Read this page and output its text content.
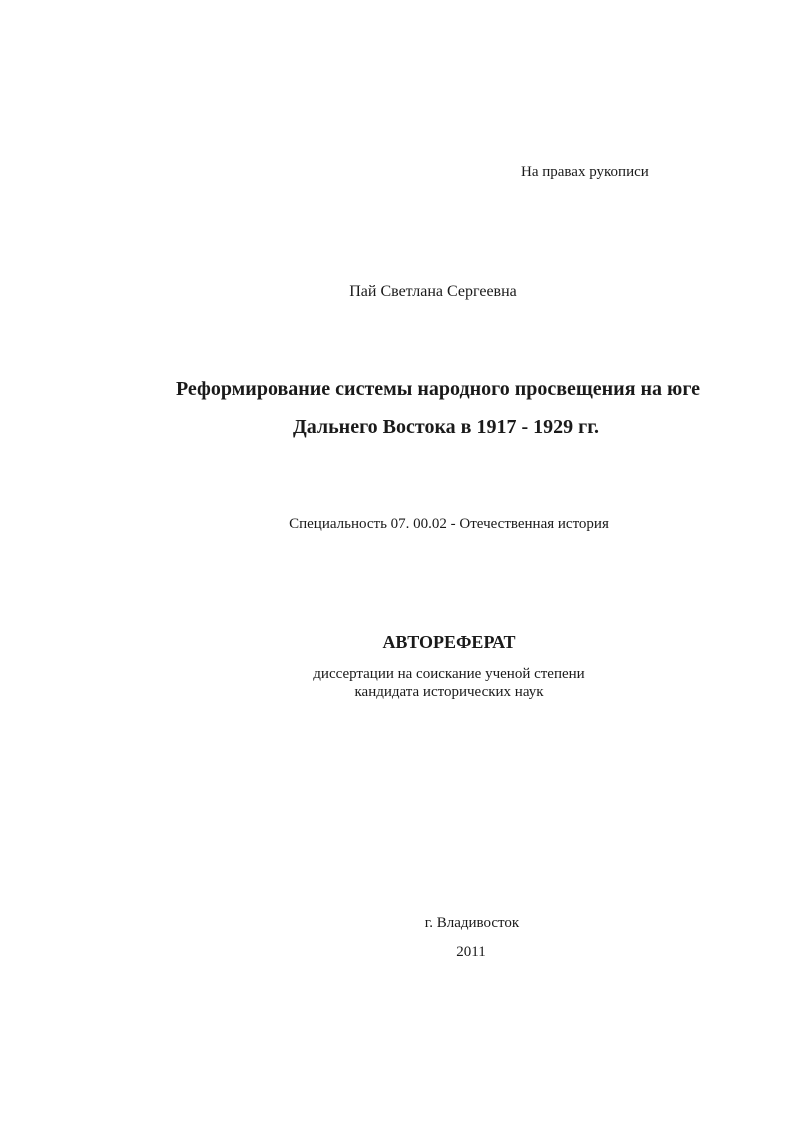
На правах рукописи
Пай Светлана Сергеевна
Реформирование системы народного просвещения на юге
Дальнего Востока в 1917 - 1929 гг.
Специальность 07. 00.02 - Отечественная история
АВТОРЕФЕРАТ
диссертации на соискание ученой степени
кандидата исторических наук
г. Владивосток
2011
